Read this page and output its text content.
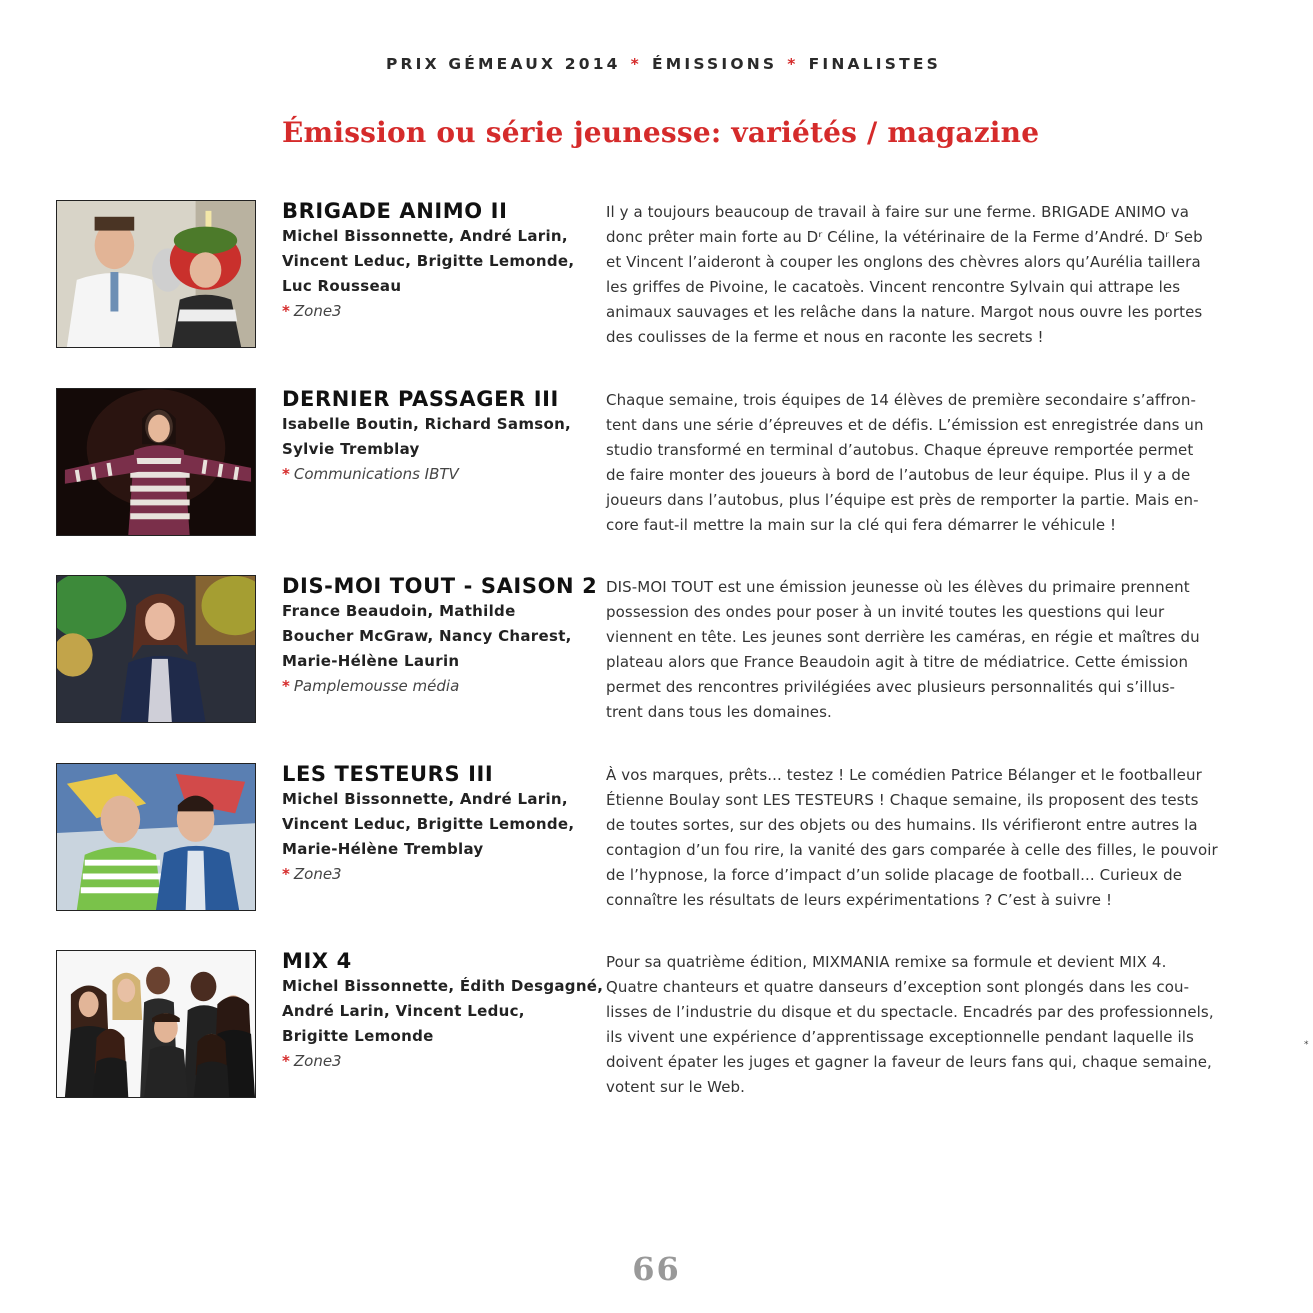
PRIX GÉMEAUX 2014 * ÉMISSIONS * FINALISTES
Émission ou série jeunesse: variétés / magazine
BRIGADE ANIMO II
Michel Bissonnette, André Larin,
Vincent Leduc, Brigitte Lemonde,
Luc Rousseau
* Zone3
Il y a toujours beaucoup de travail à faire sur une ferme. BRIGADE ANIMO va
donc prêter main forte au Dʳ Céline, la vétérinaire de la Ferme d’André. Dʳ Seb
et Vincent l’aideront à couper les onglons des chèvres alors qu’Aurélia taillera
les griffes de Pivoine, le cacatoès. Vincent rencontre Sylvain qui attrape les
animaux sauvages et les relâche dans la nature. Margot nous ouvre les portes
des coulisses de la ferme et nous en raconte les secrets !
DERNIER PASSAGER III
Isabelle Boutin, Richard Samson,
Sylvie Tremblay
* Communications IBTV
Chaque semaine, trois équipes de 14 élèves de première secondaire s’affron-
tent dans une série d’épreuves et de défis. L’émission est enregistrée dans un
studio transformé en terminal d’autobus. Chaque épreuve remportée permet
de faire monter des joueurs à bord de l’autobus de leur équipe. Plus il y a de
joueurs dans l’autobus, plus l’équipe est près de remporter la partie. Mais en-
core faut-il mettre la main sur la clé qui fera démarrer le véhicule !
DIS-MOI TOUT - SAISON 2
France Beaudoin, Mathilde
Boucher McGraw, Nancy Charest,
Marie-Hélène Laurin
* Pamplemousse média
DIS-MOI TOUT est une émission jeunesse où les élèves du primaire prennent
possession des ondes pour poser à un invité toutes les questions qui leur
viennent en tête. Les jeunes sont derrière les caméras, en régie et maîtres du
plateau alors que France Beaudoin agit à titre de médiatrice. Cette émission
permet des rencontres privilégiées avec plusieurs personnalités qui s’illus-
trent dans tous les domaines.
LES TESTEURS III
Michel Bissonnette, André Larin,
Vincent Leduc, Brigitte Lemonde,
Marie-Hélène Tremblay
* Zone3
À vos marques, prêts... testez ! Le comédien Patrice Bélanger et le footballeur
Étienne Boulay sont LES TESTEURS ! Chaque semaine, ils proposent des tests
de toutes sortes, sur des objets ou des humains. Ils vérifieront entre autres la
contagion d’un fou rire, la vanité des gars comparée à celle des filles, le pouvoir
de l’hypnose, la force d’impact d’un solide placage de football... Curieux de
connaître les résultats de leurs expérimentations ? C’est à suivre !
MIX 4
Michel Bissonnette, Édith Desgagné,
André Larin, Vincent Leduc,
Brigitte Lemonde
* Zone3
Pour sa quatrième édition, MIXMANIA remixe sa formule et devient MIX 4.
Quatre chanteurs et quatre danseurs d’exception sont plongés dans les cou-
lisses de l’industrie du disque et du spectacle. Encadrés par des professionnels,
ils vivent une expérience d’apprentissage exceptionnelle pendant laquelle ils
doivent épater les juges et gagner la faveur de leurs fans qui, chaque semaine,
votent sur le Web.
*
66
